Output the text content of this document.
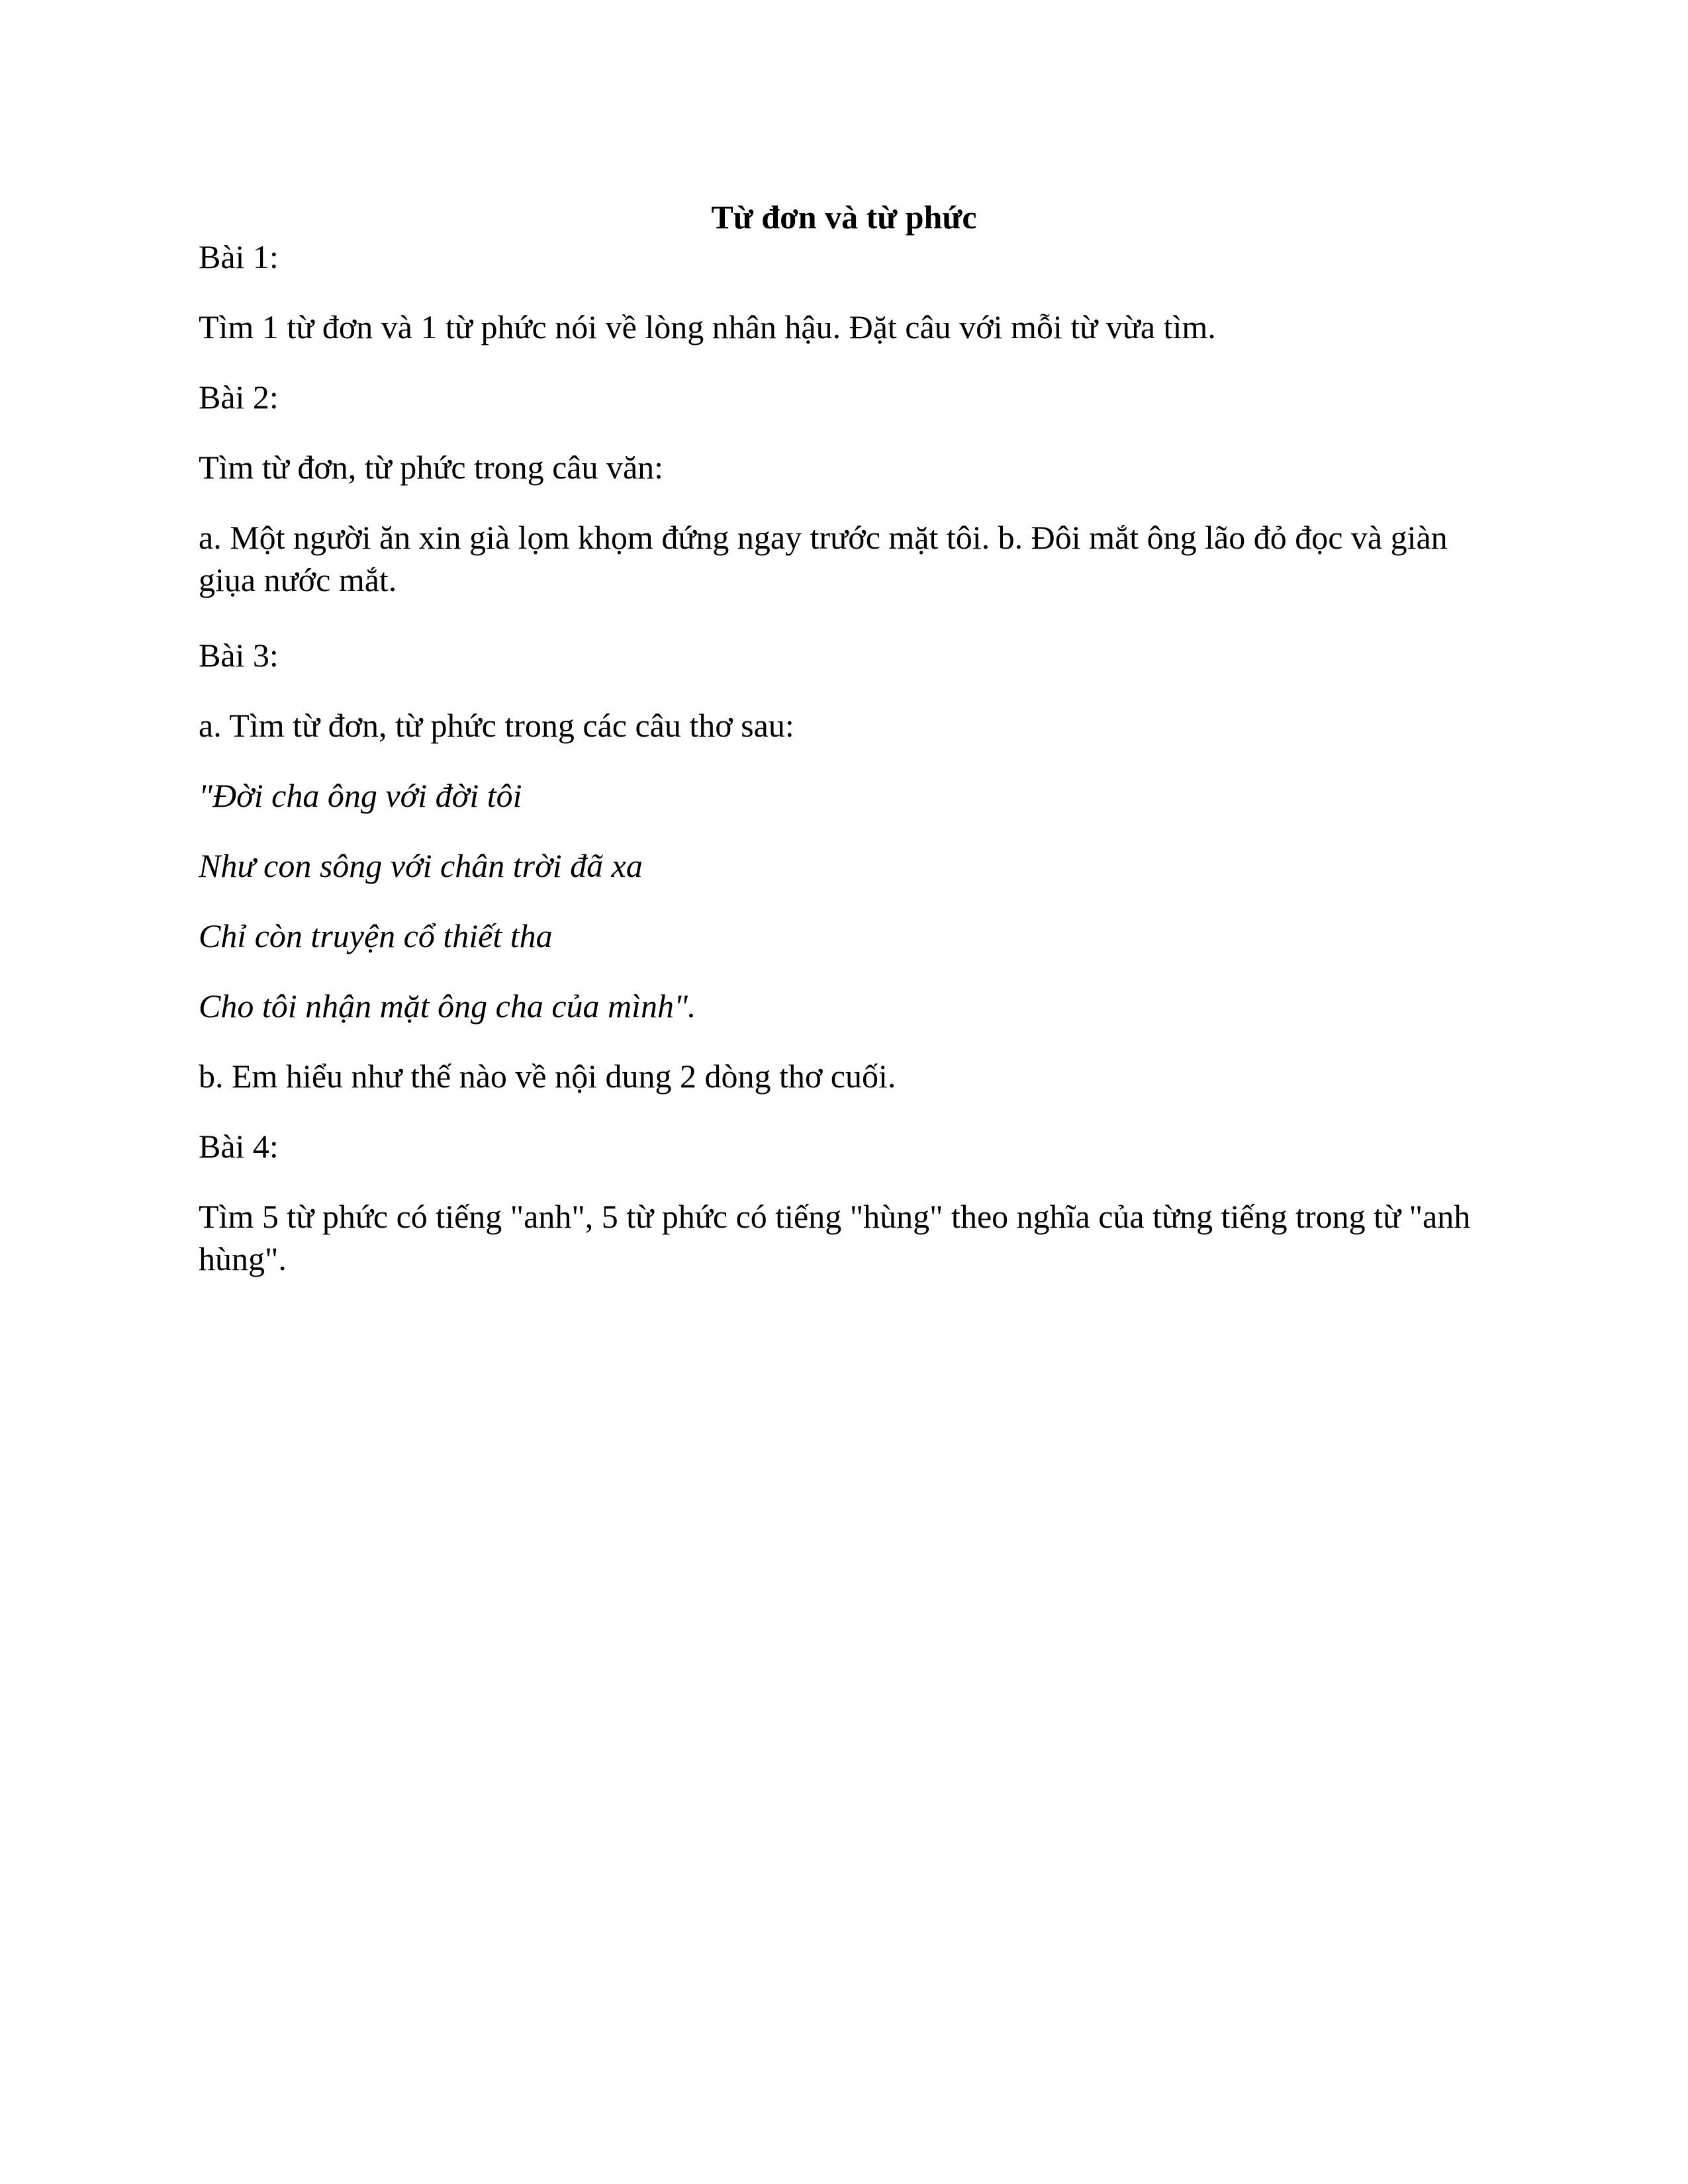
Từ đơn và từ phức

Bài 1:

Tìm 1 từ đơn và 1 từ phức nói về lòng nhân hậu. Đặt câu với mỗi từ vừa tìm.

Bài 2:

Tìm từ đơn, từ phức trong câu văn:

a. Một người ăn xin già lọm khọm đứng ngay trước mặt tôi. b. Đôi mắt ông lão đỏ đọc và giàn giụa nước mắt.

Bài 3:

a. Tìm từ đơn, từ phức trong các câu thơ sau:

"Đời cha ông với đời tôi

Như con sông với chân trời đã xa

Chỉ còn truyện cổ thiết tha

Cho tôi nhận mặt ông cha của mình".

b. Em hiểu như thế nào về nội dung 2 dòng thơ cuối.

Bài 4:

Tìm 5 từ phức có tiếng "anh", 5 từ phức có tiếng "hùng" theo nghĩa của từng tiếng trong từ "anh hùng".
